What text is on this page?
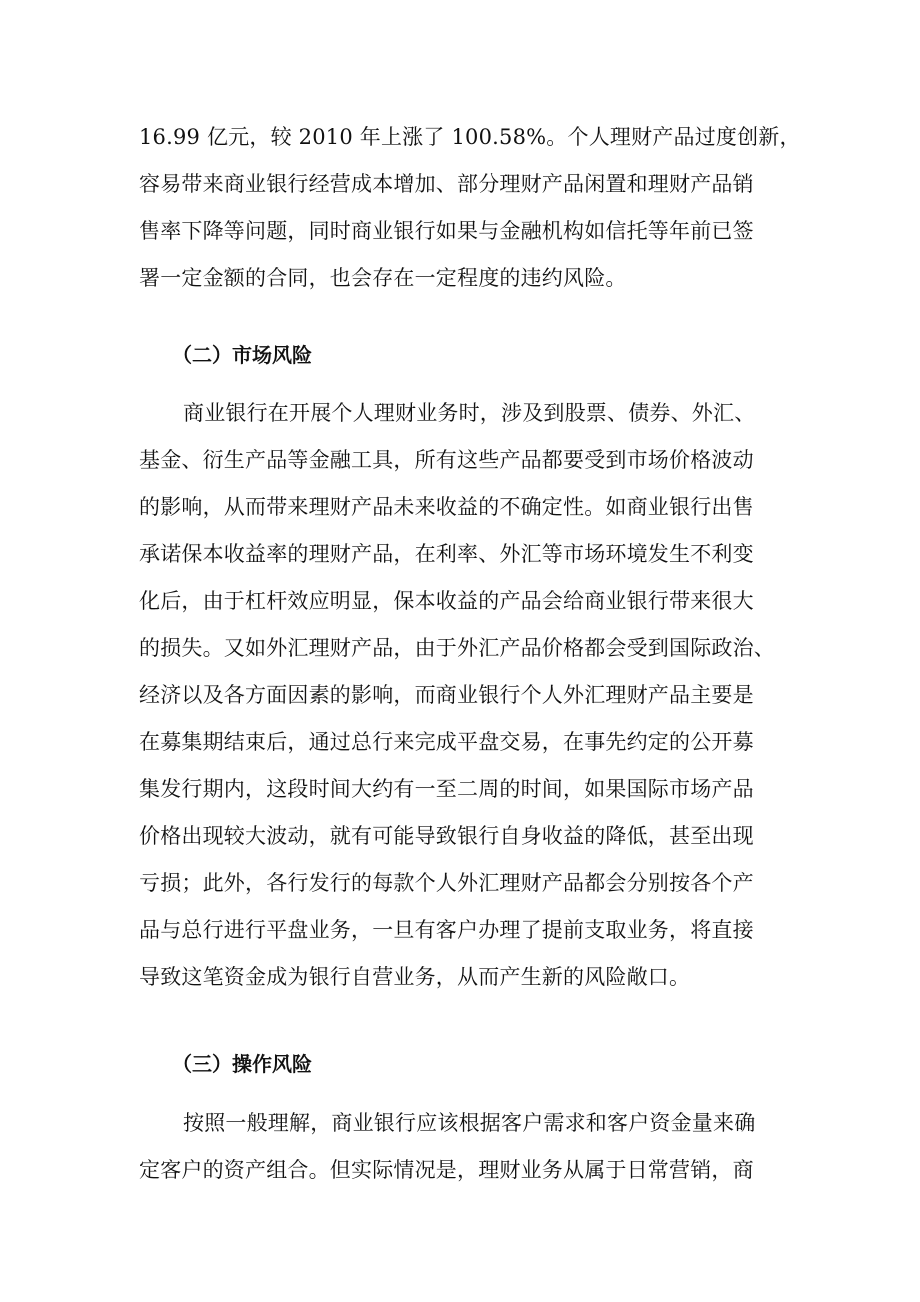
16.99 亿元，较 2010 年上涨了 100.58%。个人理财产品过度创新，
容易带来商业银行经营成本增加、部分理财产品闲置和理财产品销
售率下降等问题，同时商业银行如果与金融机构如信托等年前已签
署一定金额的合同，也会存在一定程度的违约风险。
（二）市场风险
商业银行在开展个人理财业务时，涉及到股票、债券、外汇、
基金、衍生产品等金融工具，所有这些产品都要受到市场价格波动
的影响，从而带来理财产品未来收益的不确定性。如商业银行出售
承诺保本收益率的理财产品，在利率、外汇等市场环境发生不利变
化后，由于杠杆效应明显，保本收益的产品会给商业银行带来很大
的损失。又如外汇理财产品，由于外汇产品价格都会受到国际政治、
经济以及各方面因素的影响，而商业银行个人外汇理财产品主要是
在募集期结束后，通过总行来完成平盘交易，在事先约定的公开募
集发行期内，这段时间大约有一至二周的时间，如果国际市场产品
价格出现较大波动，就有可能导致银行自身收益的降低，甚至出现
亏损；此外，各行发行的每款个人外汇理财产品都会分别按各个产
品与总行进行平盘业务，一旦有客户办理了提前支取业务，将直接
导致这笔资金成为银行自营业务，从而产生新的风险敞口。
（三）操作风险
按照一般理解，商业银行应该根据客户需求和客户资金量来确
定客户的资产组合。但实际情况是，理财业务从属于日常营销，商
